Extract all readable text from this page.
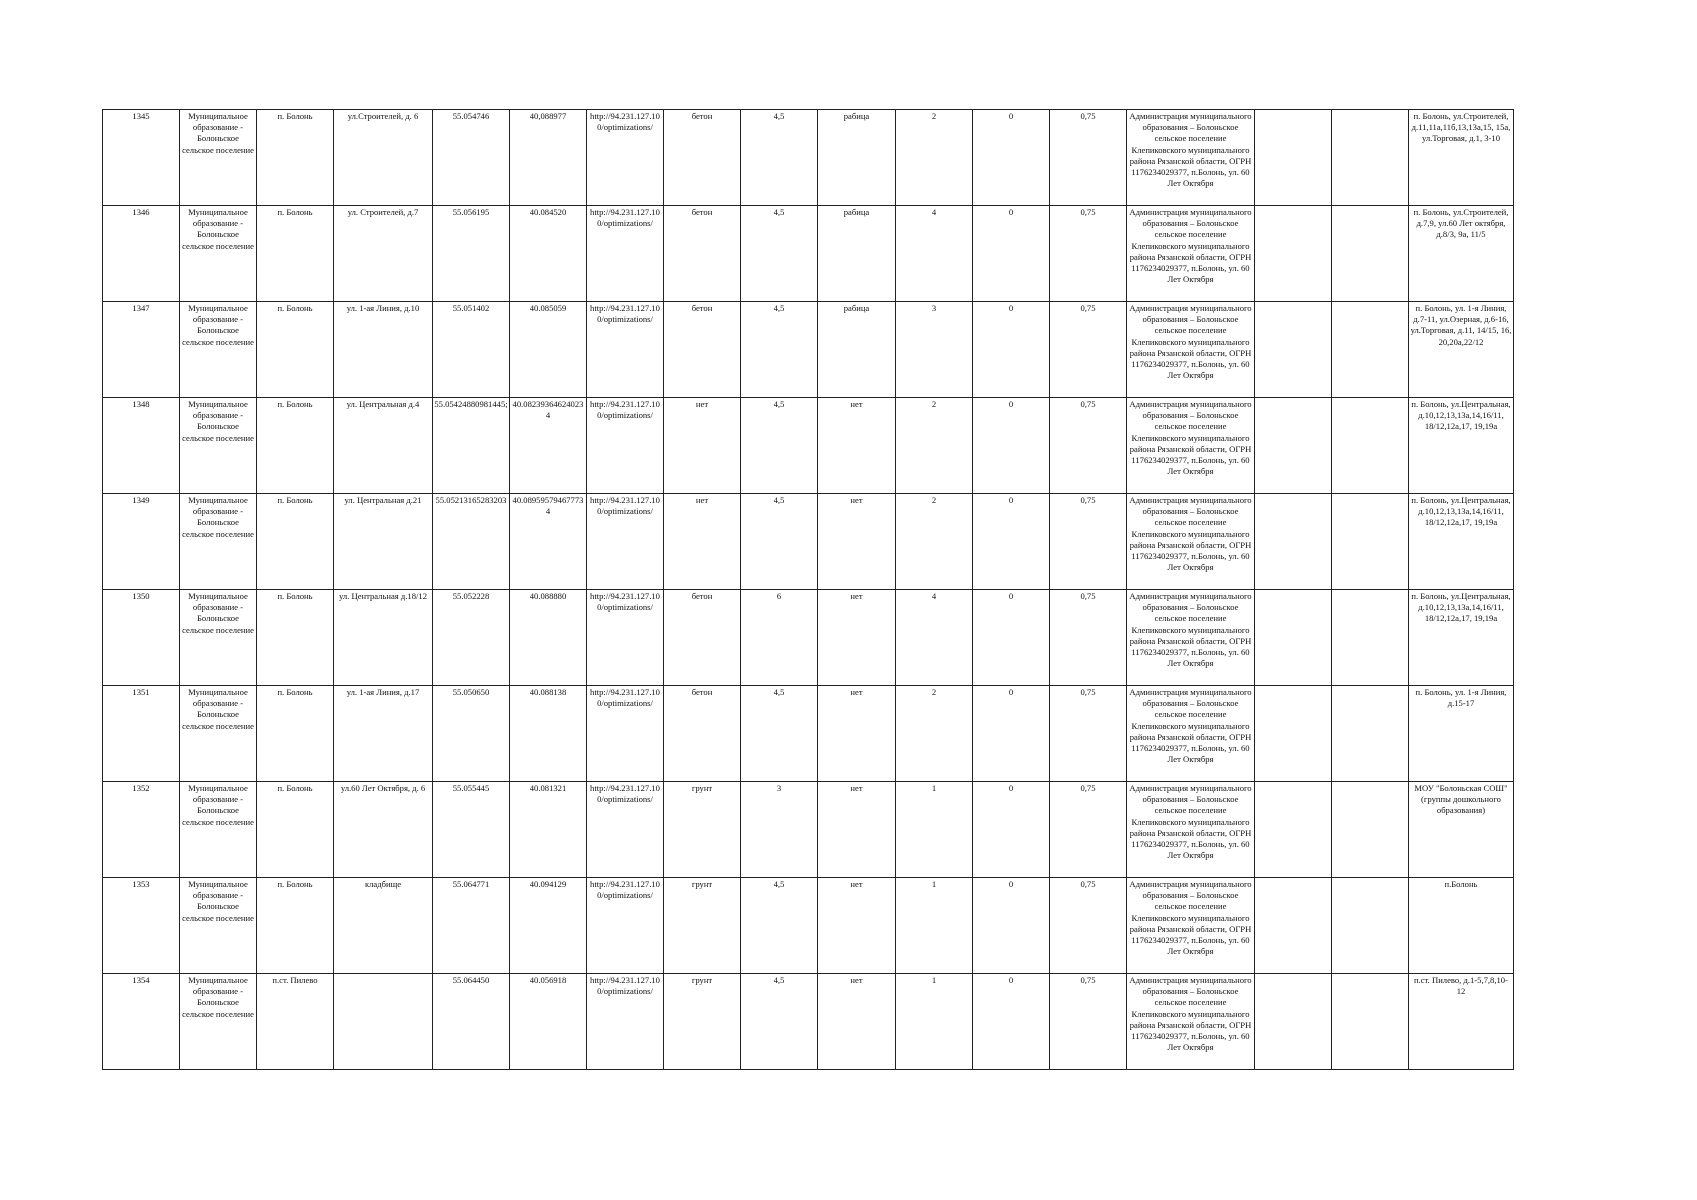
1345	Муниципальное образование - Болоньское сельское поселение	п. Болонь	ул.Строителей, д. 6	55.054746	40,088977	http://94.231.127.100/optimizations/	бетон	4,5	рабица	2	0	0,75	Администрация муниципального образования – Болоньское сельское поселение Клепиковского муниципального района Рязанской области, ОГРН 1176234029377, п.Болонь, ул. 60 Лет Октября			п. Болонь, ул.Строителей, д.11,11а,11б,13,13а,15, 15а, ул.Торговая, д.1, 3-10
1346	Муниципальное образование - Болоньское сельское поселение	п. Болонь	ул. Строителей, д.7	55.056195	40.084520	http://94.231.127.100/optimizations/	бетон	4,5	рабица	4	0	0,75	Администрация муниципального образования – Болоньское сельское поселение Клепиковского муниципального района Рязанской области, ОГРН 1176234029377, п.Болонь, ул. 60 Лет Октября			п. Болонь, ул.Строителей, д.7,9, ул.60 Лет октября, д.8/3, 9а, 11/5
1347	Муниципальное образование - Болоньское сельское поселение	п. Болонь	ул. 1-ая Линия, д.10	55.051402	40.085059	http://94.231.127.100/optimizations/	бетон	4,5	рабица	3	0	0,75	Администрация муниципального образования – Болоньское сельское поселение Клепиковского муниципального района Рязанской области, ОГРН 1176234029377, п.Болонь, ул. 60 Лет Октября			п. Болонь, ул. 1-я Линия, д.7-11, ул.Озерная, д.6-16, ул.Торговая, д.11, 14/15, 16, 20,20а,22/12
1348	Муниципальное образование - Болоньское сельское поселение	п. Болонь	ул. Центральная д.4	55.05424880981445;	40.082393646240234	http://94.231.127.100/optimizations/	нет	4,5	нет	2	0	0,75	Администрация муниципального образования – Болоньское сельское поселение Клепиковского муниципального района Рязанской области, ОГРН 1176234029377, п.Болонь, ул. 60 Лет Октября			п. Болонь, ул.Центральная, д.10,12,13,13а,14,16/11, 18/12,12а,17, 19,19а
1349	Муниципальное образование - Болоньское сельское поселение	п. Болонь	ул. Центральная д.21	55.05213165283203	40.089595794677734	http://94.231.127.100/optimizations/	нет	4,5	нет	2	0	0,75	Администрация муниципального образования – Болоньское сельское поселение Клепиковского муниципального района Рязанской области, ОГРН 1176234029377, п.Болонь, ул. 60 Лет Октября			п. Болонь, ул.Центральная, д.10,12,13,13а,14,16/11, 18/12,12а,17, 19,19а
1350	Муниципальное образование - Болоньское сельское поселение	п. Болонь	ул. Центральная д.18/12	55.052228	40.088880	http://94.231.127.100/optimizations/	бетон	6	нет	4	0	0,75	Администрация муниципального образования – Болоньское сельское поселение Клепиковского муниципального района Рязанской области, ОГРН 1176234029377, п.Болонь, ул. 60 Лет Октября			п. Болонь, ул.Центральная, д.10,12,13,13а,14,16/11, 18/12,12а,17, 19,19а
1351	Муниципальное образование - Болоньское сельское поселение	п. Болонь	ул. 1-ая Линия, д.17	55.050650	40.088138	http://94.231.127.100/optimizations/	бетон	4,5	нет	2	0	0,75	Администрация муниципального образования – Болоньское сельское поселение Клепиковского муниципального района Рязанской области, ОГРН 1176234029377, п.Болонь, ул. 60 Лет Октября			п. Болонь, ул. 1-я Линия, д.15-17
1352	Муниципальное образование - Болоньское сельское поселение	п. Болонь	ул.60 Лет Октября, д. 6	55.055445	40.081321	http://94.231.127.100/optimizations/	грунт	3	нет	1	0	0,75	Администрация муниципального образования – Болоньское сельское поселение Клепиковского муниципального района Рязанской области, ОГРН 1176234029377, п.Болонь, ул. 60 Лет Октября			МОУ "Болоньская СОШ" (группы дошкольного образования)
1353	Муниципальное образование - Болоньское сельское поселение	п. Болонь	кладбище	55.064771	40.094129	http://94.231.127.100/optimizations/	грунт	4,5	нет	1	0	0,75	Администрация муниципального образования – Болоньское сельское поселение Клепиковского муниципального района Рязанской области, ОГРН 1176234029377, п.Болонь, ул. 60 Лет Октября			п.Болонь
1354	Муниципальное образование - Болоньское сельское поселение	п.ст. Пилево		55.064450	40.056918	http://94.231.127.100/optimizations/	грунт	4,5	нет	1	0	0,75	Администрация муниципального образования – Болоньское сельское поселение Клепиковского муниципального района Рязанской области, ОГРН 1176234029377, п.Болонь, ул. 60 Лет Октября			п.ст. Пилево, д.1-5,7,8,10-12
